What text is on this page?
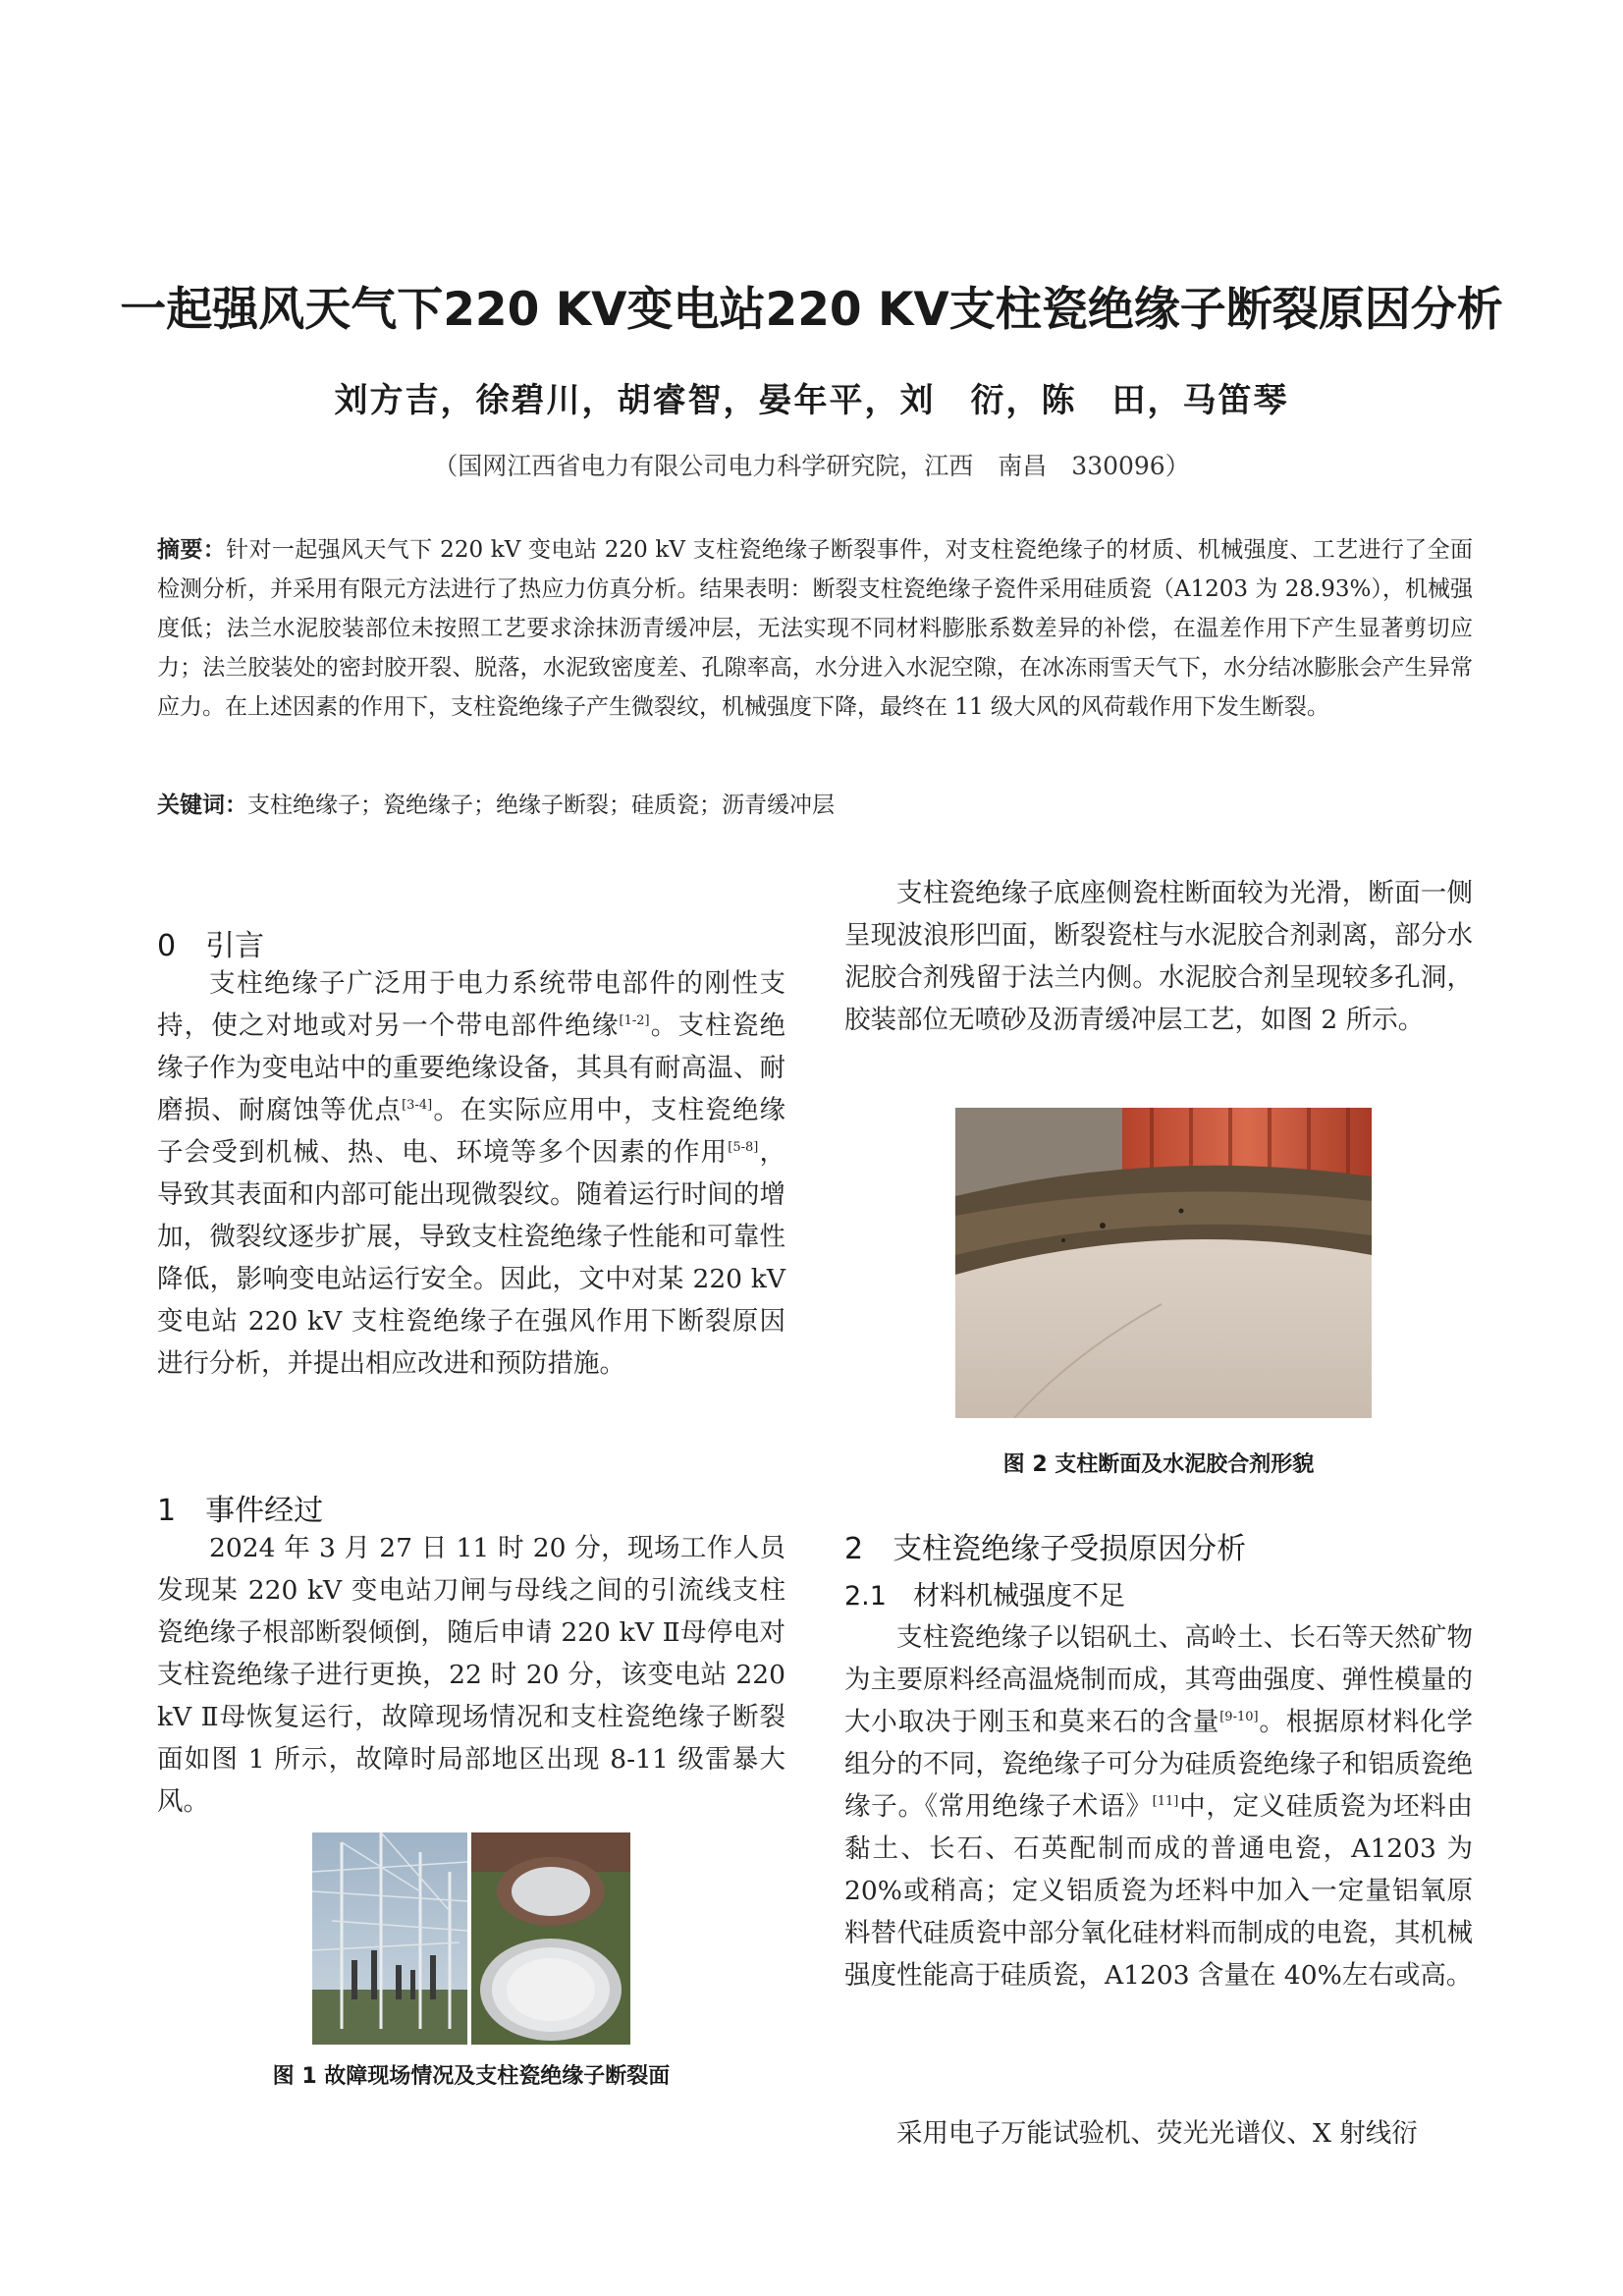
一起强风天气下220 KV变电站220 KV支柱瓷绝缘子断裂原因分析
刘方吉，徐碧川，胡睿智，晏年平，刘　衍，陈　田，马笛琴
（国网江西省电力有限公司电力科学研究院，江西　南昌　330096）
摘要：针对一起强风天气下 220 kV 变电站 220 kV 支柱瓷绝缘子断裂事件，对支柱瓷绝缘子的材质、机械强度、工艺进行了全面检测分析，并采用有限元方法进行了热应力仿真分析。结果表明：断裂支柱瓷绝缘子瓷件采用硅质瓷（A1203 为 28.93%），机械强度低；法兰水泥胶装部位未按照工艺要求涂抹沥青缓冲层，无法实现不同材料膨胀系数差异的补偿，在温差作用下产生显著剪切应力；法兰胶装处的密封胶开裂、脱落，水泥致密度差、孔隙率高，水分进入水泥空隙，在冰冻雨雪天气下，水分结冰膨胀会产生异常应力。在上述因素的作用下，支柱瓷绝缘子产生微裂纹，机械强度下降，最终在 11 级大风的风荷载作用下发生断裂。
关键词：支柱绝缘子；瓷绝缘子；绝缘子断裂；硅质瓷；沥青缓冲层
0　引言
支柱绝缘子广泛用于电力系统带电部件的刚性支持，使之对地或对另一个带电部件绝缘[1-2]。支柱瓷绝缘子作为变电站中的重要绝缘设备，其具有耐高温、耐磨损、耐腐蚀等优点[3-4]。在实际应用中，支柱瓷绝缘子会受到机械、热、电、环境等多个因素的作用[5-8]，导致其表面和内部可能出现微裂纹。随着运行时间的增加，微裂纹逐步扩展，导致支柱瓷绝缘子性能和可靠性降低，影响变电站运行安全。因此，文中对某 220 kV 变电站 220 kV 支柱瓷绝缘子在强风作用下断裂原因进行分析，并提出相应改进和预防措施。
1　事件经过
2024 年 3 月 27 日 11 时 20 分，现场工作人员发现某 220 kV 变电站刀闸与母线之间的引流线支柱瓷绝缘子根部断裂倾倒，随后申请 220 kV Ⅱ母停电对支柱瓷绝缘子进行更换，22 时 20 分，该变电站 220 kV Ⅱ母恢复运行，故障现场情况和支柱瓷绝缘子断裂面如图 1 所示，故障时局部地区出现 8-11 级雷暴大风。
图 1 故障现场情况及支柱瓷绝缘子断裂面
支柱瓷绝缘子底座侧瓷柱断面较为光滑，断面一侧呈现波浪形凹面，断裂瓷柱与水泥胶合剂剥离，部分水泥胶合剂残留于法兰内侧。水泥胶合剂呈现较多孔洞，胶装部位无喷砂及沥青缓冲层工艺，如图 2 所示。
图 2 支柱断面及水泥胶合剂形貌
2　支柱瓷绝缘子受损原因分析
2.1　材料机械强度不足
支柱瓷绝缘子以铝矾土、高岭土、长石等天然矿物为主要原料经高温烧制而成，其弯曲强度、弹性模量的大小取决于刚玉和莫来石的含量[9-10]。根据原材料化学组分的不同，瓷绝缘子可分为硅质瓷绝缘子和铝质瓷绝缘子。《常用绝缘子术语》[11]中，定义硅质瓷为坯料由黏土、长石、石英配制而成的普通电瓷，A1203 为 20%或稍高；定义铝质瓷为坯料中加入一定量铝氧原料替代硅质瓷中部分氧化硅材料而制成的电瓷，其机械强度性能高于硅质瓷，A1203 含量在 40%左右或高。
采用电子万能试验机、荧光光谱仪、X 射线衍
